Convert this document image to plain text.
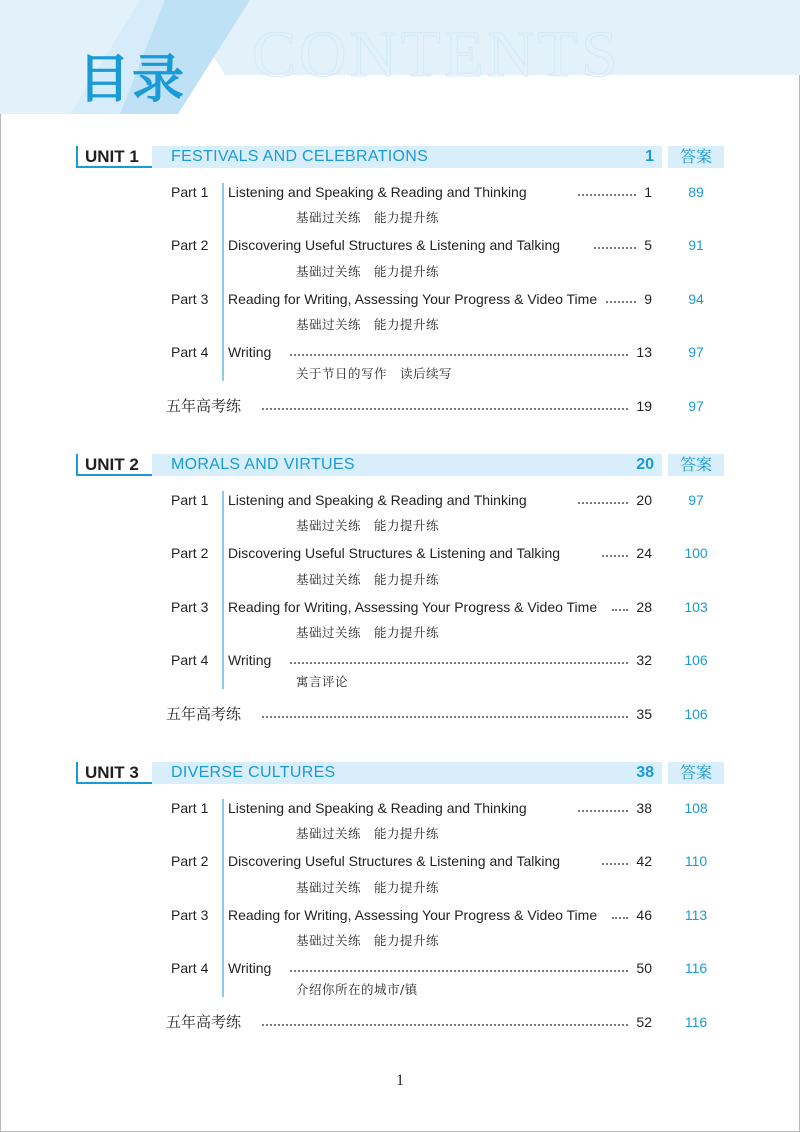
CONTENTS
目录
UNIT 1	FESTIVALS AND CELEBRATIONS	1	答案
Part 1 Listening and Speaking & Reading and Thinking	1	89
基础过关练　能力提升练
Part 2 Discovering Useful Structures & Listening and Talking	5	91
基础过关练　能力提升练
Part 3 Reading for Writing, Assessing Your Progress & Video Time	9	94
基础过关练　能力提升练
Part 4 Writing	13	97
关于节日的写作　读后续写
五年高考练	19	97
UNIT 2	MORALS AND VIRTUES	20	答案
Part 1 Listening and Speaking & Reading and Thinking	20	97
基础过关练　能力提升练
Part 2 Discovering Useful Structures & Listening and Talking	24	100
基础过关练　能力提升练
Part 3 Reading for Writing, Assessing Your Progress & Video Time	28	103
基础过关练　能力提升练
Part 4 Writing	32	106
寓言评论
五年高考练	35	106
UNIT 3	DIVERSE CULTURES	38	答案
Part 1 Listening and Speaking & Reading and Thinking	38	108
基础过关练　能力提升练
Part 2 Discovering Useful Structures & Listening and Talking	42	110
基础过关练　能力提升练
Part 3 Reading for Writing, Assessing Your Progress & Video Time	46	113
基础过关练　能力提升练
Part 4 Writing	50	116
介绍你所在的城市/镇
五年高考练	52	116
1
